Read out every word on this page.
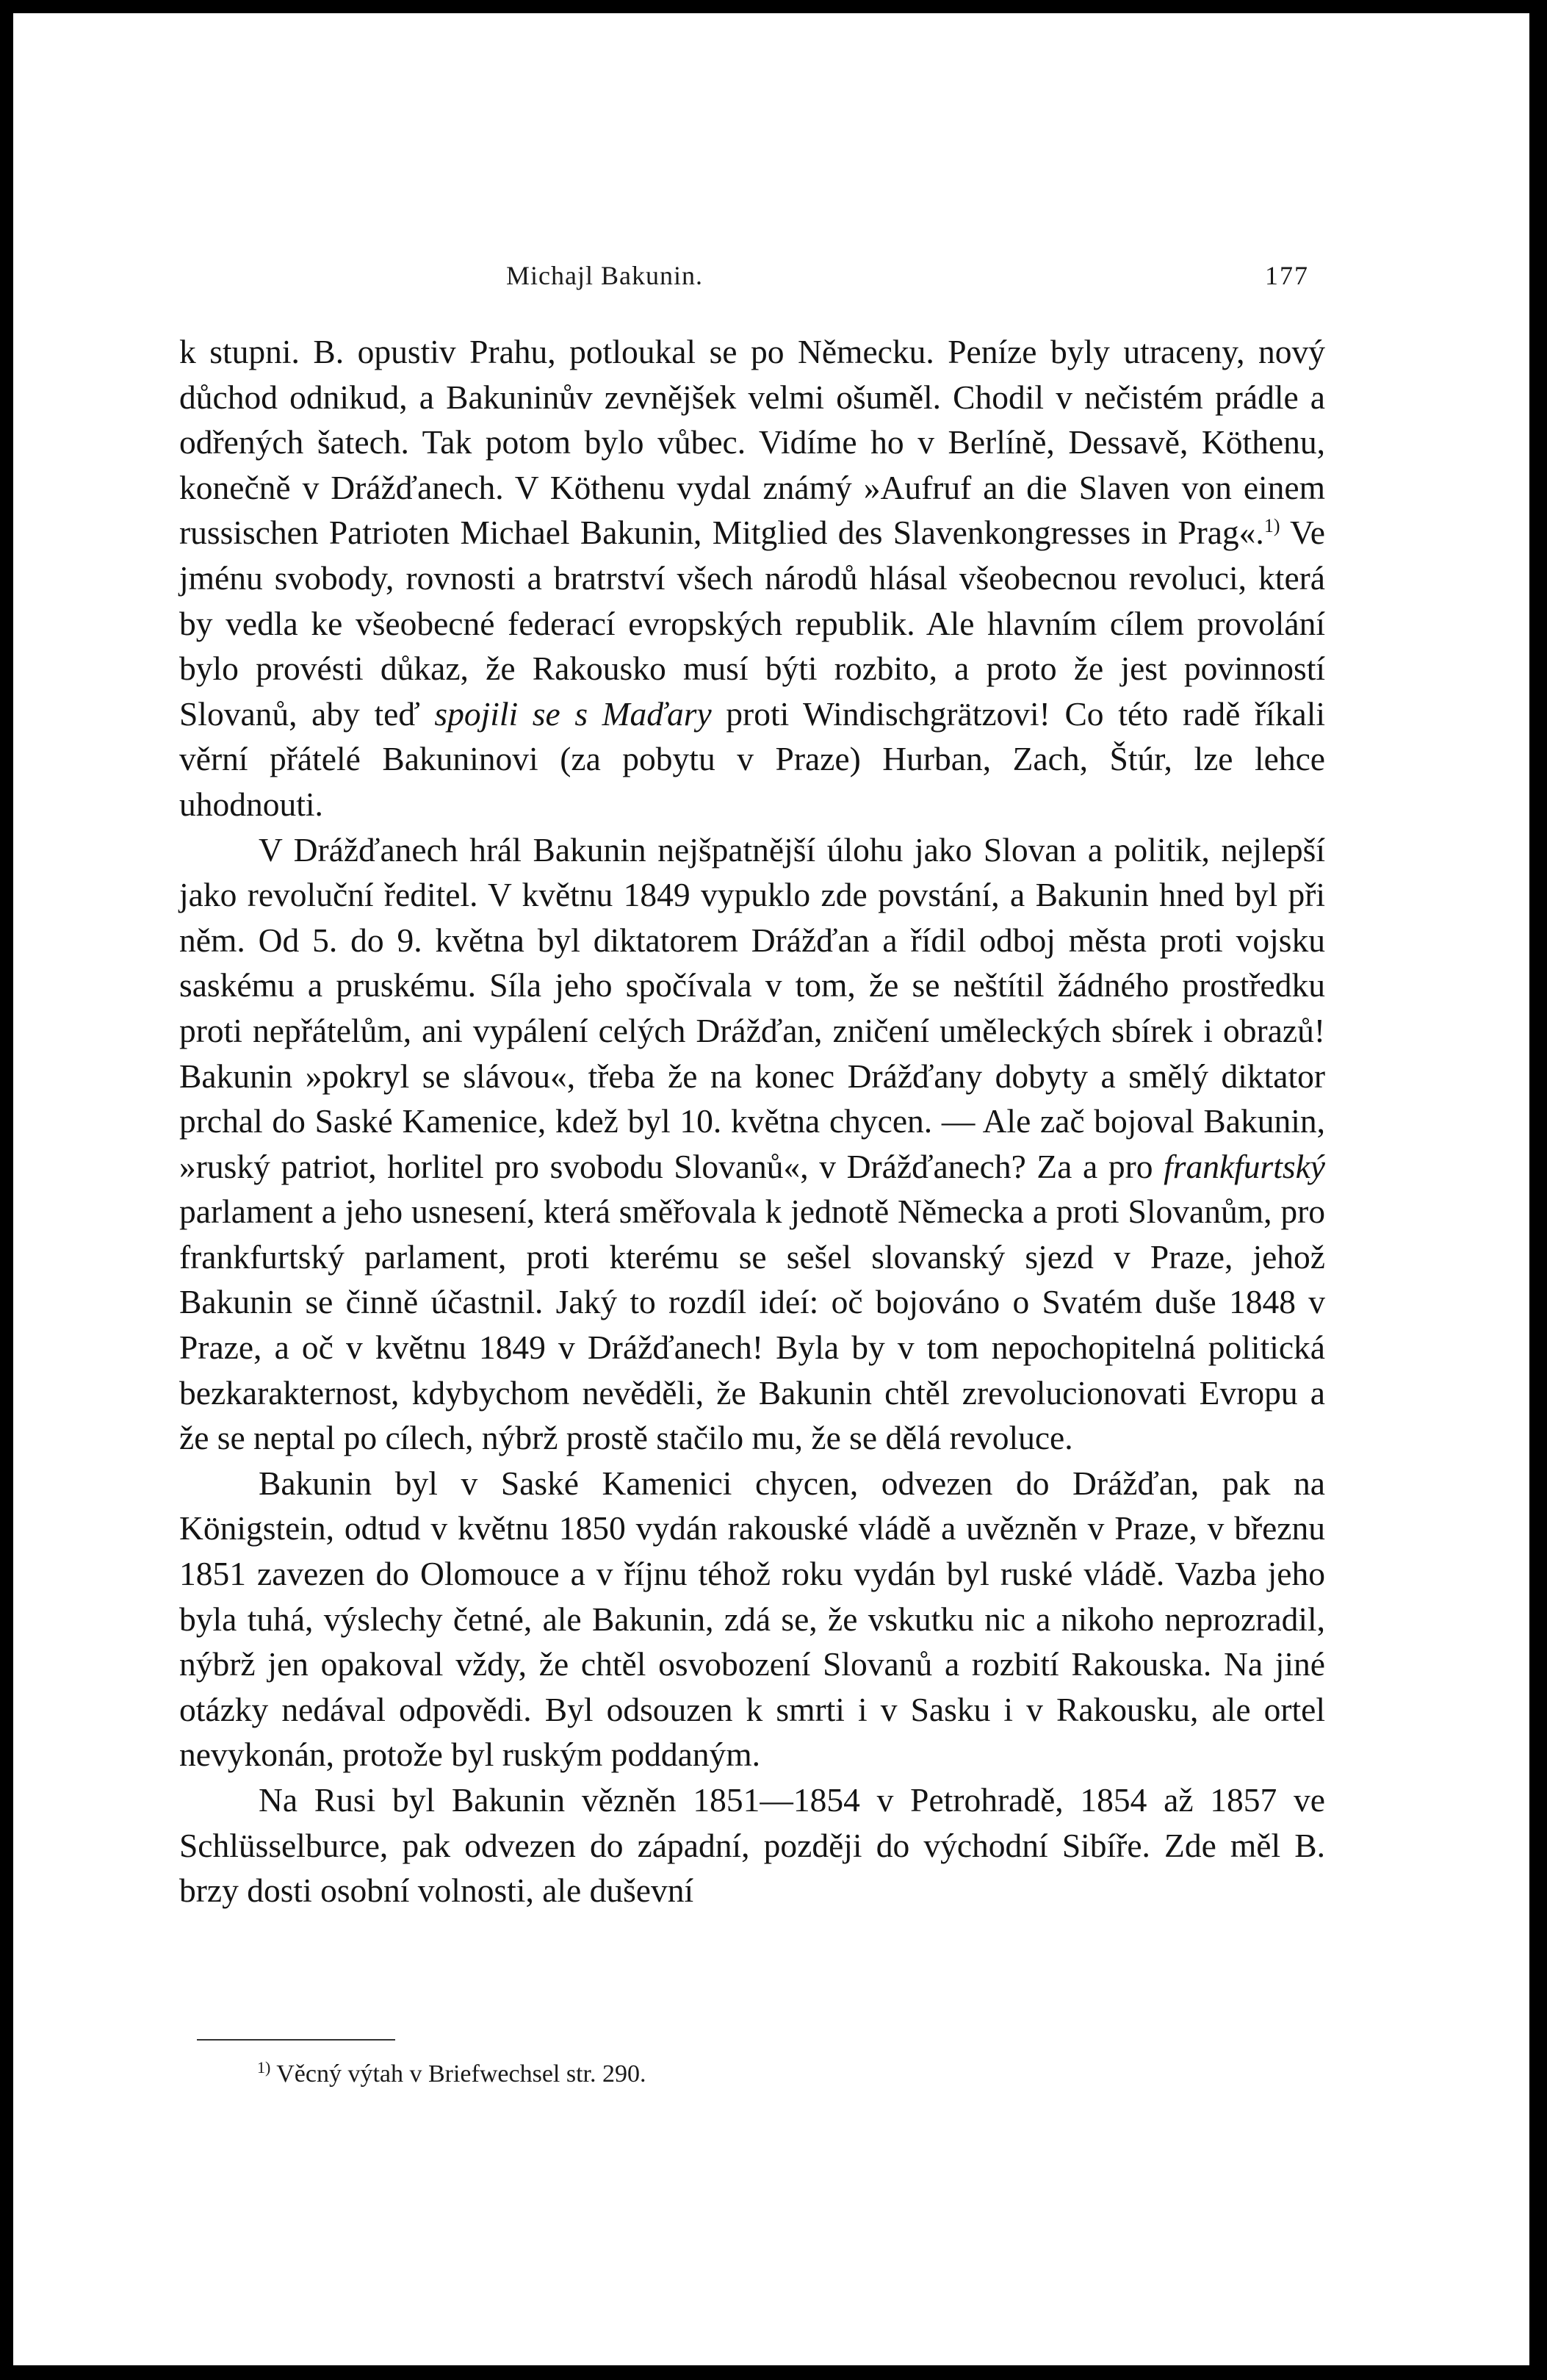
Michajl Bakunin.	177

k stupni. B. opustiv Prahu, potloukal se po Německu. Peníze byly utraceny, nový důchod odnikud, a Bakuninův zevnějšek velmi ošuměl. Chodil v nečistém prádle a odřených šatech. Tak potom bylo vůbec. Vidíme ho v Berlíně, Dessavě, Köthenu, konečně v Drážďanech. V Köthenu vydal známý »Aufruf an die Slaven von einem russischen Patrioten Michael Bakunin, Mitglied des Slavenkongresses in Prag«.$^{1)}$ Ve jménu svobody, rovnosti a bratrství všech národů hlásal všeobecnou revoluci, která by vedla ke všeobecné federací evropských republik. Ale hlavním cílem provolání bylo provésti důkaz, že Rakousko musí býti rozbito, a proto že jest povinností Slovanů, aby teď spojili se s Maďary proti Windischgrätzovi! Co této radě říkali věrní přátelé Bakuninovi (za pobytu v Praze) Hurban, Zach, Štúr, lze lehce uhodnouti.

V Drážďanech hrál Bakunin nejšpatnější úlohu jako Slovan a politik, nejlepší jako revoluční ředitel. V květnu 1849 vypuklo zde povstání, a Bakunin hned byl při něm. Od 5. do 9. května byl diktatorem Drážďan a řídil odboj města proti vojsku saskému a pruskému. Síla jeho spočívala v tom, že se neštítil žádného prostředku proti nepřátelům, ani vypálení celých Drážďan, zničení uměleckých sbírek i obrazů! Bakunin »pokryl se slávou«, třeba že na konec Drážďany dobyty a smělý diktator prchal do Saské Kamenice, kdež byl 10. května chycen. — Ale zač bojoval Bakunin, »ruský patriot, horlitel pro svobodu Slovanů«, v Drážďanech? Za a pro frankfurtský parlament a jeho usnesení, která směřovala k jednotě Německa a proti Slovanům, pro frankfurtský parlament, proti kterému se sešel slovanský sjezd v Praze, jehož Bakunin se činně účastnil. Jaký to rozdíl ideí: oč bojováno o Svatém duše 1848 v Praze, a oč v květnu 1849 v Drážďanech! Byla by v tom nepochopitelná politická bezkarakternost, kdybychom nevěděli, že Bakunin chtěl zrevolucionovati Evropu a že se neptal po cílech, nýbrž prostě stačilo mu, že se dělá revoluce.

Bakunin byl v Saské Kamenici chycen, odvezen do Drážďan, pak na Königstein, odtud v květnu 1850 vydán rakouské vládě a uvězněn v Praze, v březnu 1851 zavezen do Olomouce a v říjnu téhož roku vydán byl ruské vládě. Vazba jeho byla tuhá, výslechy četné, ale Bakunin, zdá se, že vskutku nic a nikoho neprozradil, nýbrž jen opakoval vždy, že chtěl osvobození Slovanů a rozbití Rakouska. Na jiné otázky nedával odpovědi. Byl odsouzen k smrti i v Sasku i v Rakousku, ale ortel nevykonán, protože byl ruským poddaným.

Na Rusi byl Bakunin vězněn 1851—1854 v Petrohradě, 1854 až 1857 ve Schlüsselburce, pak odvezen do západní, později do východní Sibíře. Zde měl B. brzy dosti osobní volnosti, ale duševní

$^{1)}$ Věcný výtah v Briefwechsel str. 290.
